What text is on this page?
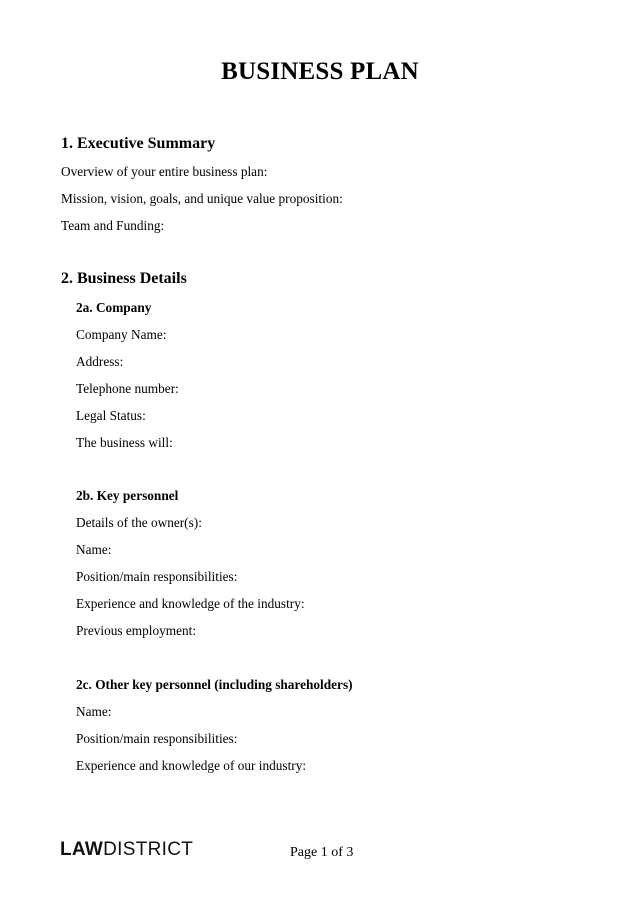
BUSINESS PLAN
1. Executive Summary
Overview of your entire business plan:
Mission, vision, goals, and unique value proposition:
Team and Funding:
2. Business Details
2a. Company
Company Name:
Address:
Telephone number:
Legal Status:
The business will:
2b. Key personnel
Details of the owner(s):
Name:
Position/main responsibilities:
Experience and knowledge of the industry:
Previous employment:
2c. Other key personnel (including shareholders)
Name:
Position/main responsibilities:
Experience and knowledge of our industry:
LAWDISTRICT	Page 1 of 3
